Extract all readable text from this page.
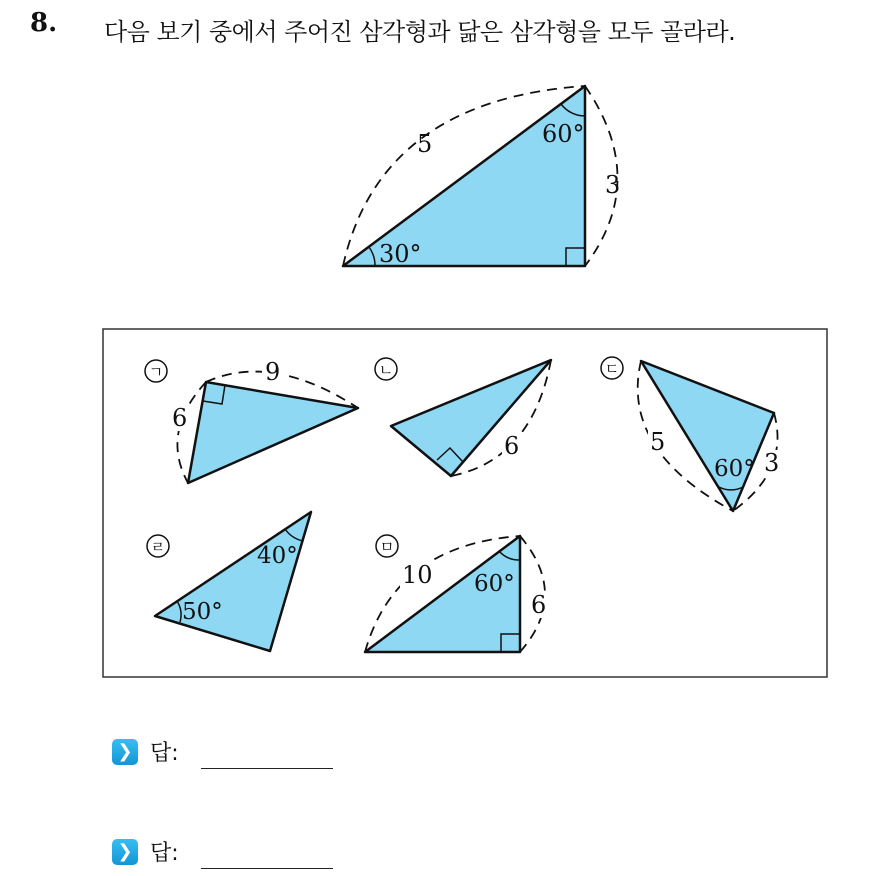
8. 다음 보기 중에서 주어진 삼각형과 닮은 삼각형을 모두 골라라.
5
3
60°
30°
ㄱ	9
6
ㄴ
6
ㄷ
5
3
60°
ㄹ	40°
50°
ㅁ
10 60°
6
❯ 답:
❯ 답:
